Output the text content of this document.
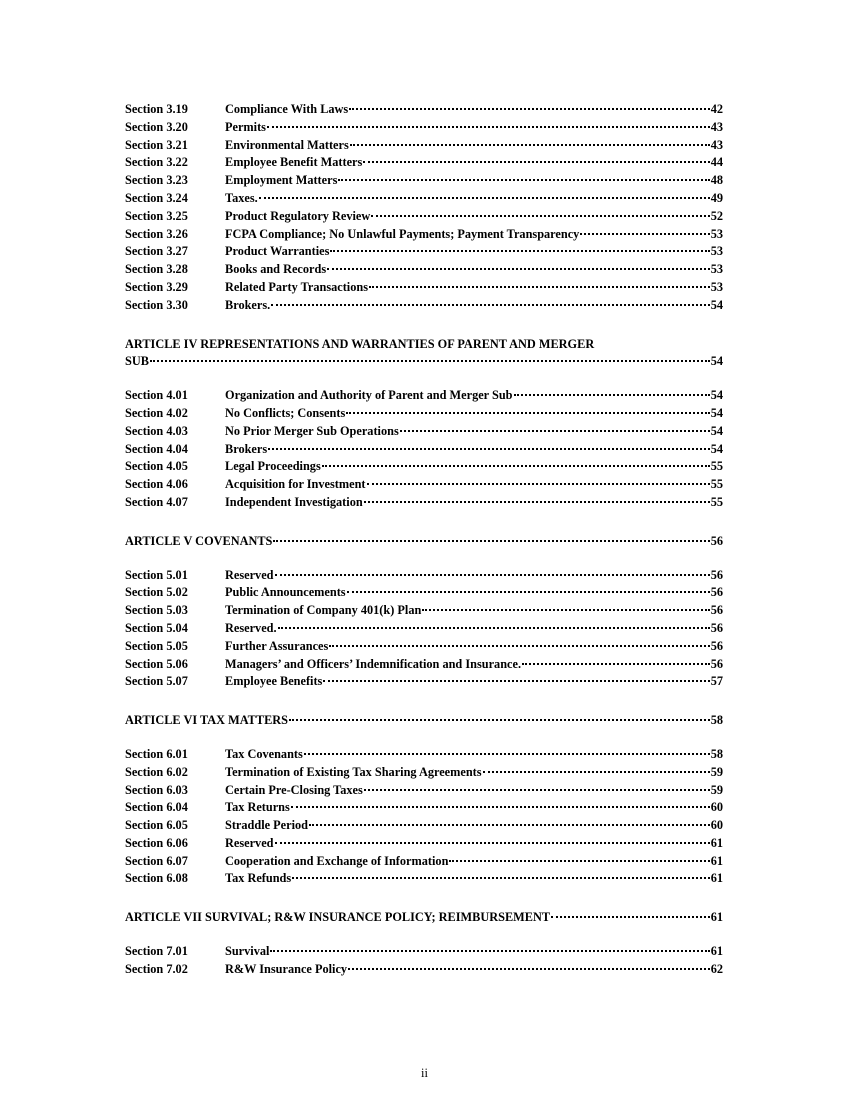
Section 3.19	Compliance With Laws	42
Section 3.20	Permits	43
Section 3.21	Environmental Matters	43
Section 3.22	Employee Benefit Matters	44
Section 3.23	Employment Matters	48
Section 3.24	Taxes.	49
Section 3.25	Product Regulatory Review	52
Section 3.26	FCPA Compliance; No Unlawful Payments; Payment Transparency	53
Section 3.27	Product Warranties	53
Section 3.28	Books and Records	53
Section 3.29	Related Party Transactions	53
Section 3.30	Brokers.	54
ARTICLE IV REPRESENTATIONS AND WARRANTIES OF PARENT AND MERGER
SUB	54
Section 4.01	Organization and Authority of Parent and Merger Sub	54
Section 4.02	No Conflicts; Consents	54
Section 4.03	No Prior Merger Sub Operations	54
Section 4.04	Brokers	54
Section 4.05	Legal Proceedings	55
Section 4.06	Acquisition for Investment	55
Section 4.07	Independent Investigation	55
ARTICLE V COVENANTS	56
Section 5.01	Reserved	56
Section 5.02	Public Announcements	56
Section 5.03	Termination of Company 401(k) Plan	56
Section 5.04	Reserved.	56
Section 5.05	Further Assurances	56
Section 5.06	Managers’ and Officers’ Indemnification and Insurance.	56
Section 5.07	Employee Benefits	57
ARTICLE VI TAX MATTERS	58
Section 6.01	Tax Covenants	58
Section 6.02	Termination of Existing Tax Sharing Agreements	59
Section 6.03	Certain Pre-Closing Taxes	59
Section 6.04	Tax Returns	60
Section 6.05	Straddle Period	60
Section 6.06	Reserved	61
Section 6.07	Cooperation and Exchange of Information	61
Section 6.08	Tax Refunds	61
ARTICLE VII SURVIVAL; R&W INSURANCE POLICY; REIMBURSEMENT	61
Section 7.01	Survival	61
Section 7.02	R&W Insurance Policy	62
ii
